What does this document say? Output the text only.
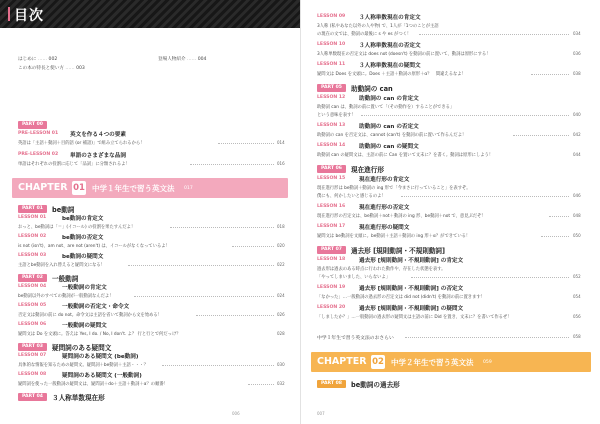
目次
はじめに …… 002
この本の特長と使い方 …… 003
登場人物紹介 …… 004
PART 00
PRE-LESSON 01 英文を作る４つの要素
英語は「主語＋動詞＋目的語 (or 補語)」で組み立てられるから！	014
PRE-LESSON 02 単語のさまざまな品詞
単語はそれぞれの役割に応じて「品詞」に分類されるよ！	016
CHAPTER 01 中学１年生で習う英文法 017
PART 01	be動詞
LESSON 01	be動詞の肯定文
おっと、be動詞は「＝」(イコール) の役割を果たすんだよ！	018
LESSON 02	be動詞の否定文
is not (isn't)、am not、are not (aren't) は、イコールがなくなっているよ！	020
LESSON 03	be動詞の疑問文
主語とbe動詞を入れ替えると疑問文になる！	022
PART 02	一般動詞
LESSON 04	一般動詞の肯定文
be動詞以外のすべての動詞が一般動詞なんだよ！	024
LESSON 05	一般動詞の否定文・命令文
否定文は動詞の前に do not。命令文は主語を省いて動詞から文を始める！	026
LESSON 06	一般動詞の疑問文
疑問文は Do を文頭に。答えは Yes, I do. / No, I don't. よ？ 行と行とで何だっけ？	028
PART 03	疑問詞のある疑問文
LESSON 07	疑問詞のある疑問文 (be動詞)
具体的な情報を知るための疑問文。疑問詞＋be動詞＋主語・・・？	030
LESSON 08	疑問詞のある疑問文 (一般動詞)
疑問詞を使った一般動詞の疑問文は、疑問詞＋do＋主語＋動詞＋α？の順番！	032
PART 04	３人称単数現在形
006
LESSON 09 ３人称単数現在の肯定文
3人称 (私やあなた以外の人や物) で、1人が「1つのことが主語
の現在の文では、動詞の最後に s や es がつく！	034
LESSON 10 ３人称単数現在の否定文
3人称単数現在の否定文は does not (doesn't) を動詞の前に置いて、動詞は原形にする！	036
LESSON 11 ３人称単数現在の疑問文
疑問文は Does を文頭に。Does ＋主語＋動詞の原形＋α？　間違えるなよ！	038
PART 05	助動詞の can
LESSON 12 助動詞の can の肯定文
助動詞 can は、動詞の前に置いて「（その動作を）することができる」
という意味を表す！	040
LESSON 13 助動詞の can の否定文
助動詞の can を否定文は、cannot (can't) を動詞の前に置いて作るんだよ！	042
LESSON 14 助動詞の can の疑問文
助動詞 can の疑問文は、主語の前に Can を置いて文末に？を書く。動詞は原形にしよう！	044
PART 06	現在進行形
LESSON 15 現在進行形の肯定文
現在進行形は be動詞＋動詞の ing 形で「今まさに行っていること」を表すぞ。
僕にも、何かしたいと感じるのよ！	046
LESSON 16 現在進行形の否定文
現在進行形の否定文は、be動詞＋not＋動詞の ing 形、be動詞＋not で、意見ぶだぞ！	048
LESSON 17 現在進行形の疑問文
疑問文は be動詞を文頭に。be動詞＋主語＋動詞の ing 形＋α？ができている！	050
PART 07	過去形 [規則動詞・不規則動詞]
LESSON 18 過去形 [規則動詞・不規則動詞] の肯定文
過去形は過去のある時点に行われた動作や、存在した状態を表す。
「やってしまいました、いらないよ」	052
LESSON 19 過去形 [規則動詞・不規則動詞] の否定文
「なかった」…一般動詞の過去形の否定文は did not (didn't) を動詞の前に置きます！	054
LESSON 20 過去形 [規則動詞・不規則動詞] の疑問文
「しましたか？」…一般動詞の過去形の疑問文は主語の前に Did を置き、文末に？を書いて作るぜ！	056
中学１年生で習う英文法のおさらい	058
CHAPTER 02 中学２年生で習う英文法 059
PART 08	be動詞の過去形
007
